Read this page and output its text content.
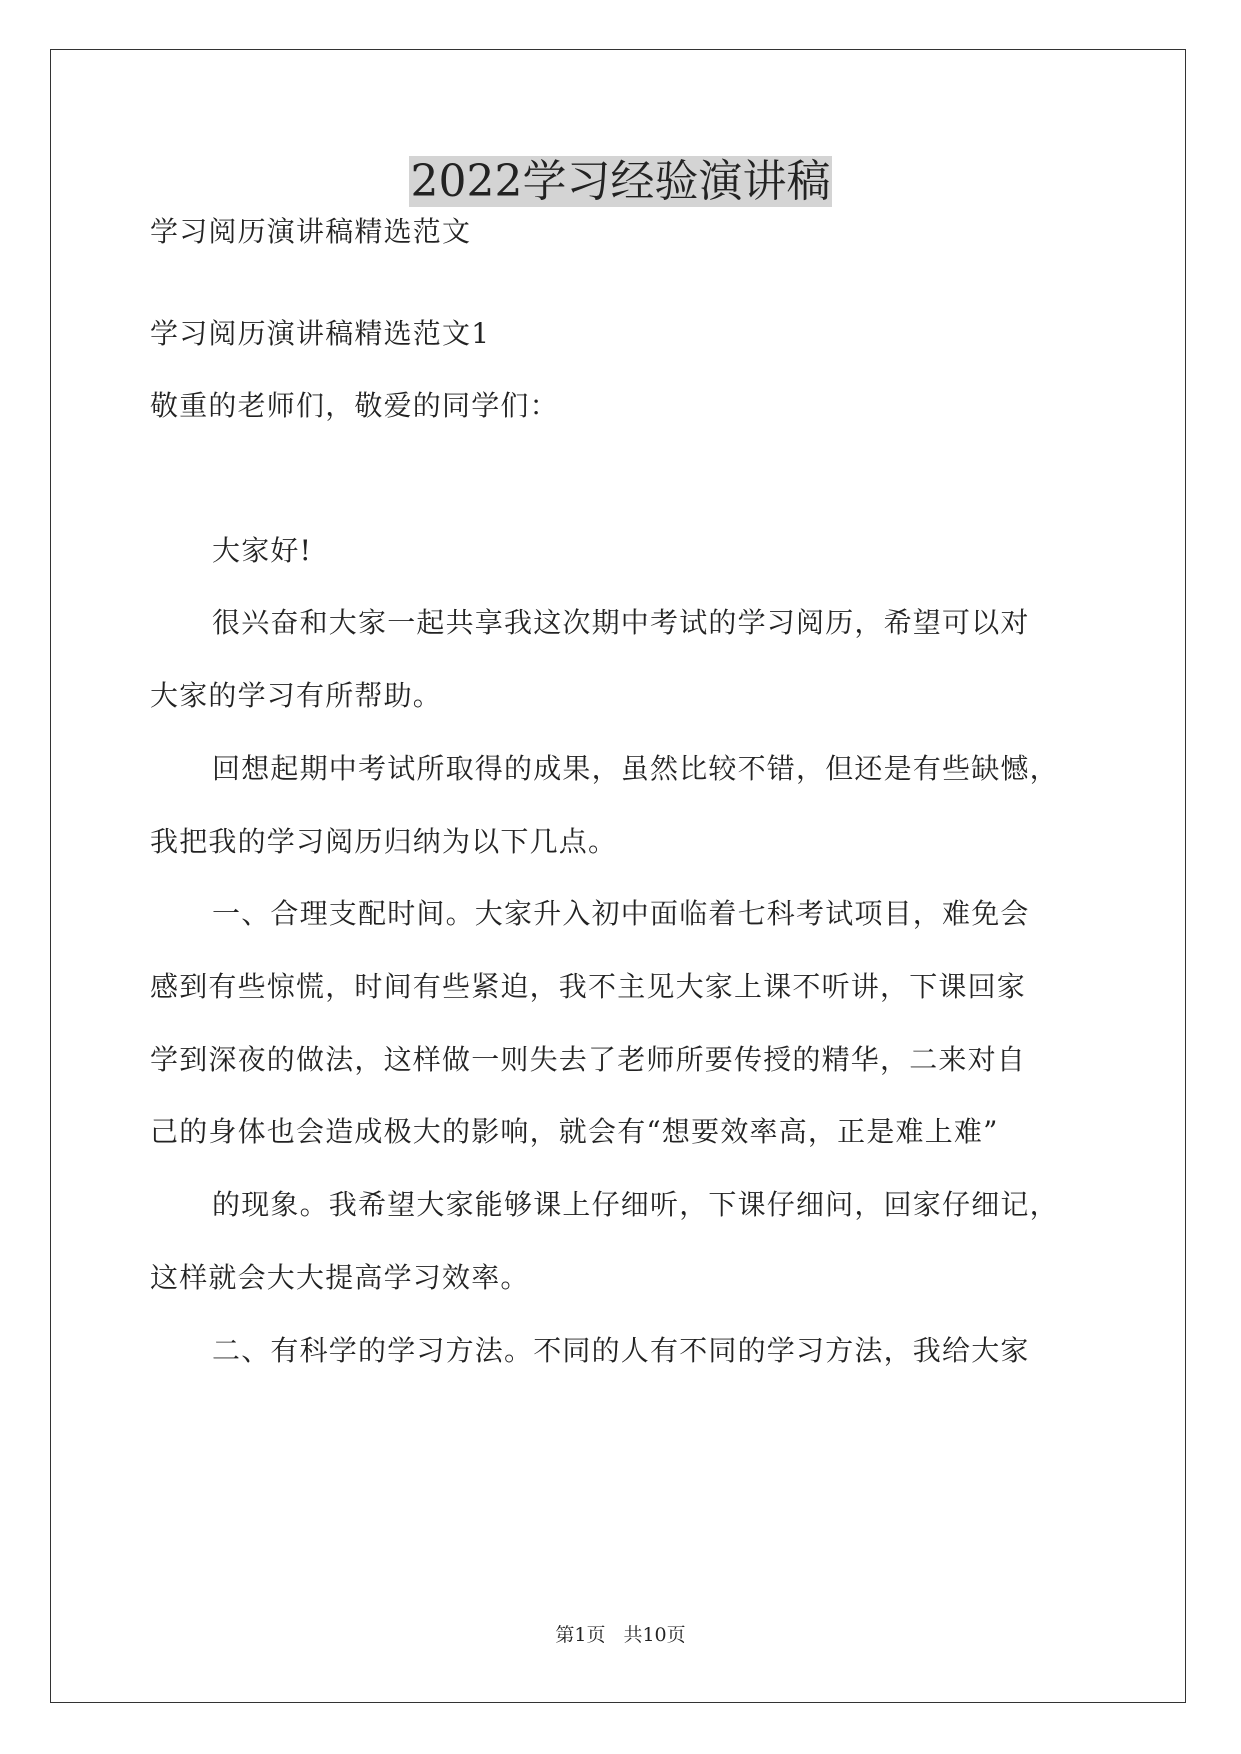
2022学习经验演讲稿

学习阅历演讲稿精选范文

学习阅历演讲稿精选范文1

敬重的老师们，敬爱的同学们：

大家好!

很兴奋和大家一起共享我这次期中考试的学习阅历，希望可以对

大家的学习有所帮助。

回想起期中考试所取得的成果，虽然比较不错，但还是有些缺憾，

我把我的学习阅历归纳为以下几点。

一、合理支配时间。大家升入初中面临着七科考试项目，难免会

感到有些惊慌，时间有些紧迫，我不主见大家上课不听讲，下课回家

学到深夜的做法，这样做一则失去了老师所要传授的精华，二来对自

己的身体也会造成极大的影响，就会有“想要效率高，正是难上难”

的现象。我希望大家能够课上仔细听，下课仔细问，回家仔细记，

这样就会大大提高学习效率。

二、有科学的学习方法。不同的人有不同的学习方法，我给大家

第1页 共10页
